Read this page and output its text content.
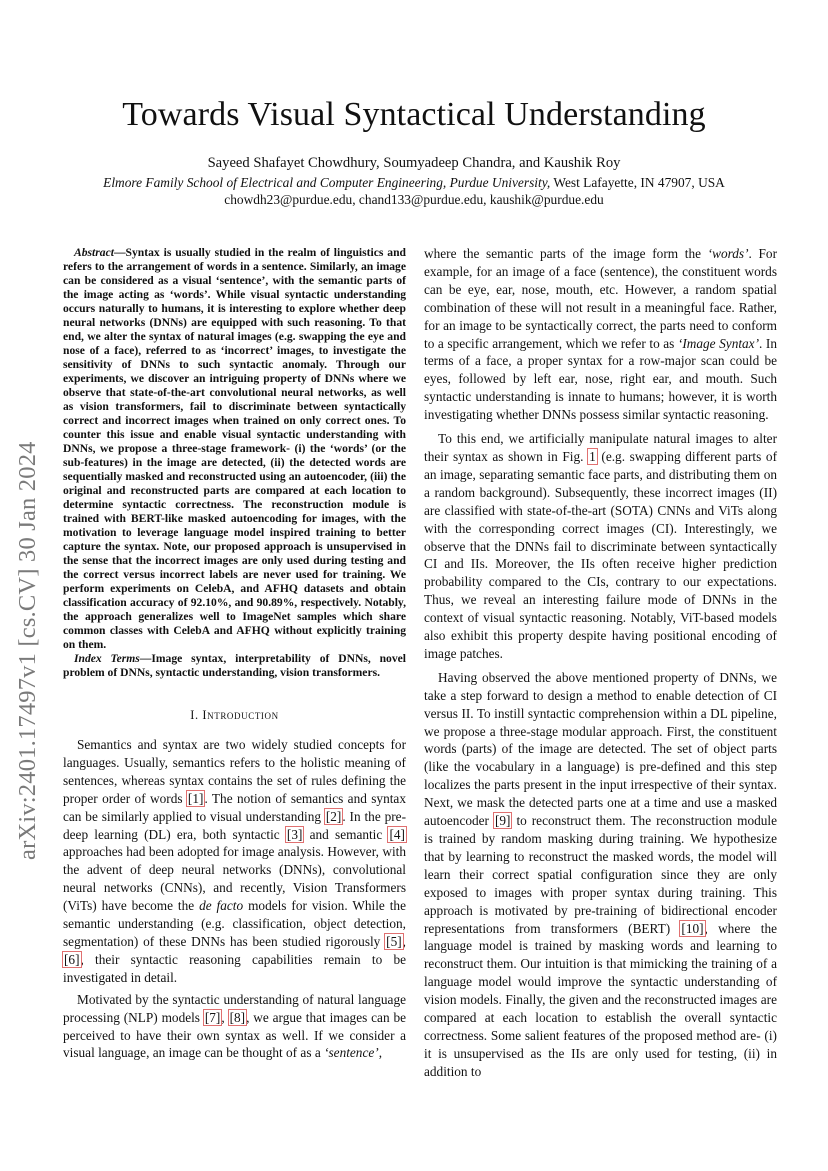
arXiv:2401.17497v1 [cs.CV] 30 Jan 2024
Towards Visual Syntactical Understanding
Sayeed Shafayet Chowdhury, Soumyadeep Chandra, and Kaushik Roy
Elmore Family School of Electrical and Computer Engineering, Purdue University, West Lafayette, IN 47907, USA
chowdh23@purdue.edu, chand133@purdue.edu, kaushik@purdue.edu

Abstract—Syntax is usually studied in the realm of linguistics and refers to the arrangement of words in a sentence. Similarly, an image can be considered as a visual ‘sentence’, with the semantic parts of the image acting as ‘words’. While visual syntactic understanding occurs naturally to humans, it is interesting to explore whether deep neural networks (DNNs) are equipped with such reasoning. To that end, we alter the syntax of natural images (e.g. swapping the eye and nose of a face), referred to as ‘incorrect’ images, to investigate the sensitivity of DNNs to such syntactic anomaly. Through our experiments, we discover an intriguing property of DNNs where we observe that state-of-the-art convolutional neural networks, as well as vision transformers, fail to discriminate between syntactically correct and incorrect images when trained on only correct ones. To counter this issue and enable visual syntactic understanding with DNNs, we propose a three-stage framework- (i) the ‘words’ (or the sub-features) in the image are detected, (ii) the detected words are sequentially masked and reconstructed using an autoencoder, (iii) the original and reconstructed parts are compared at each location to determine syntactic correctness. The reconstruction module is trained with BERT-like masked autoencoding for images, with the motivation to leverage language model inspired training to better capture the syntax. Note, our proposed approach is unsupervised in the sense that the incorrect images are only used during testing and the correct versus incorrect labels are never used for training. We perform experiments on CelebA, and AFHQ datasets and obtain classification accuracy of 92.10%, and 90.89%, respectively. Notably, the approach generalizes well to ImageNet samples which share common classes with CelebA and AFHQ without explicitly training on them.

Index Terms—Image syntax, interpretability of DNNs, novel problem of DNNs, syntactic understanding, vision transformers.

I. Introduction

Semantics and syntax are two widely studied concepts for languages. Usually, semantics refers to the holistic meaning of sentences, whereas syntax contains the set of rules defining the proper order of words [1]. The notion of semantics and syntax can be similarly applied to visual understanding [2]. In the pre-deep learning (DL) era, both syntactic [3] and semantic [4] approaches had been adopted for image analysis. However, with the advent of deep neural networks (DNNs), convolutional neural networks (CNNs), and recently, Vision Transformers (ViTs) have become the de facto models for vision. While the semantic understanding (e.g. classification, object detection, segmentation) of these DNNs has been studied rigorously [5], [6], their syntactic reasoning capabilities remain to be investigated in detail.

Motivated by the syntactic understanding of natural language processing (NLP) models [7], [8], we argue that images can be perceived to have their own syntax as well. If we consider a visual language, an image can be thought of as a ‘sentence’,

where the semantic parts of the image form the ‘words’. For example, for an image of a face (sentence), the constituent words can be eye, ear, nose, mouth, etc. However, a random spatial combination of these will not result in a meaningful face. Rather, for an image to be syntactically correct, the parts need to conform to a specific arrangement, which we refer to as ‘Image Syntax’. In terms of a face, a proper syntax for a row-major scan could be eyes, followed by left ear, nose, right ear, and mouth. Such syntactic understanding is innate to humans; however, it is worth investigating whether DNNs possess similar syntactic reasoning.

To this end, we artificially manipulate natural images to alter their syntax as shown in Fig. 1 (e.g. swapping different parts of an image, separating semantic face parts, and distributing them on a random background). Subsequently, these incorrect images (II) are classified with state-of-the-art (SOTA) CNNs and ViTs along with the corresponding correct images (CI). Interestingly, we observe that the DNNs fail to discriminate between syntactically CI and IIs. Moreover, the IIs often receive higher prediction probability compared to the CIs, contrary to our expectations. Thus, we reveal an interesting failure mode of DNNs in the context of visual syntactic reasoning. Notably, ViT-based models also exhibit this property despite having positional encoding of image patches.

Having observed the above mentioned property of DNNs, we take a step forward to design a method to enable detection of CI versus II. To instill syntactic comprehension within a DL pipeline, we propose a three-stage modular approach. First, the constituent words (parts) of the image are detected. The set of object parts (like the vocabulary in a language) is pre-defined and this step localizes the parts present in the input irrespective of their syntax. Next, we mask the detected parts one at a time and use a masked autoencoder [9] to reconstruct them. The reconstruction module is trained by random masking during training. We hypothesize that by learning to reconstruct the masked words, the model will learn their correct spatial configuration since they are only exposed to images with proper syntax during training. This approach is motivated by pre-training of bidirectional encoder representations from transformers (BERT) [10], where the language model is trained by masking words and learning to reconstruct them. Our intuition is that mimicking the training of a language model would improve the syntactic understanding of vision models. Finally, the given and the reconstructed images are compared at each location to establish the overall syntactic correctness. Some salient features of the proposed method are- (i) it is unsupervised as the IIs are only used for testing, (ii) in addition to
